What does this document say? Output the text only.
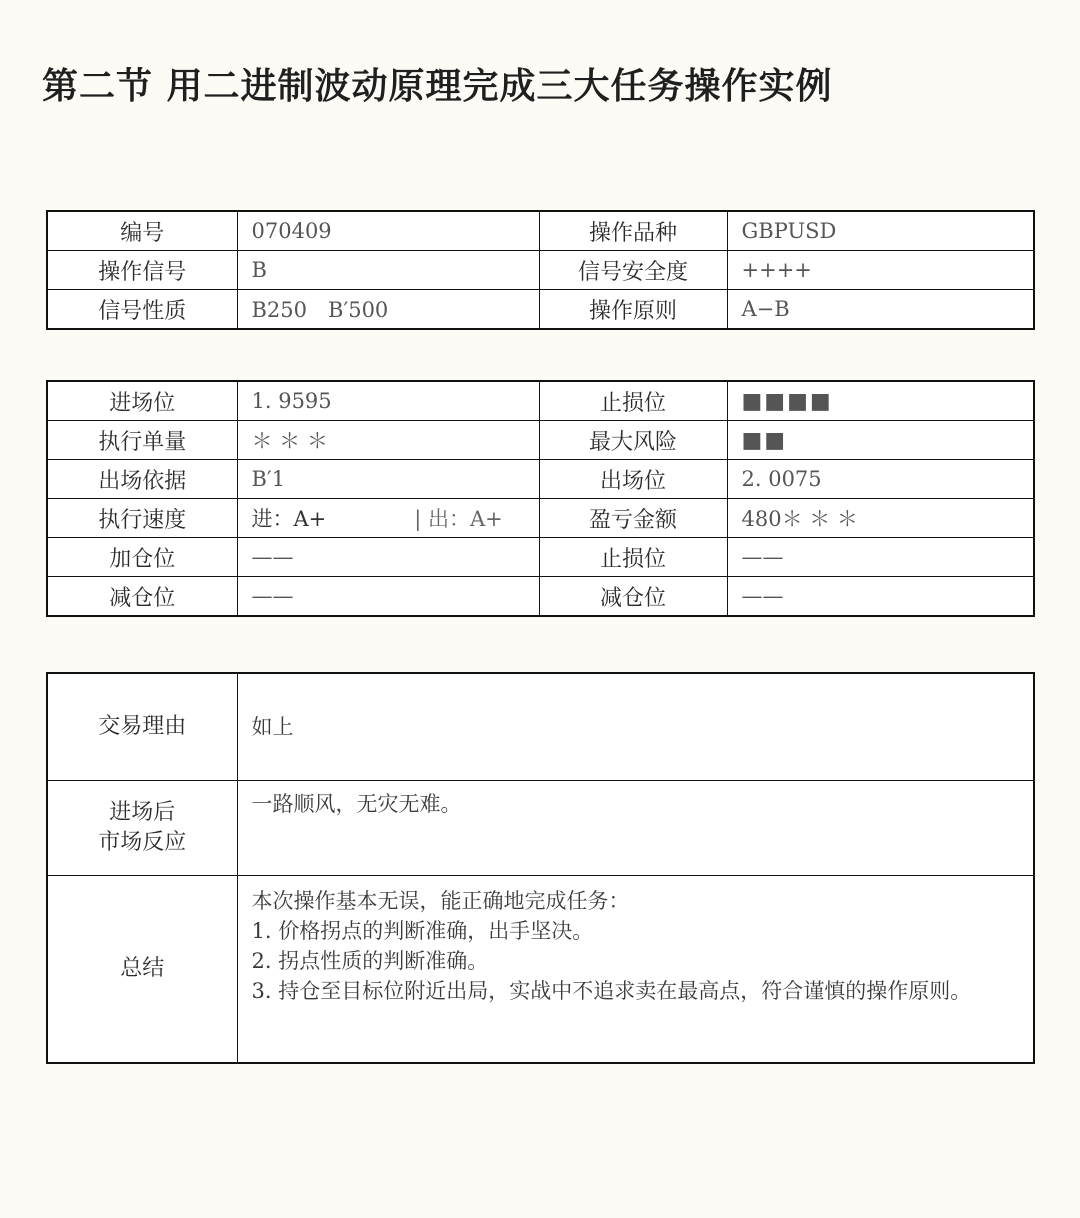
第二节 用二进制波动原理完成三大任务操作实例
编号	070409	操作品种	GBPUSD
操作信号	B	信号安全度	++++
信号性质	B250　B′500	操作原则	A−B
进场位	1. 9595	止损位	■■■■
执行单量	＊ ＊ ＊	最大风险	■■
出场依据	B′1	出场位	2. 0075
执行速度	进：A+ | 出：A+	盈亏金额	480＊ ＊ ＊
加仓位	——	止损位	——
减仓位	——	减仓位	——
交易理由	如上

进场后
市场反应	一路顺风，无灾无难。
总结	本次操作基本无误，能正确地完成任务：
1. 价格拐点的判断准确，出手坚决。
2. 拐点性质的判断准确。
3. 持仓至目标位附近出局，实战中不追求卖在最高点，符合谨慎的操作原则。
